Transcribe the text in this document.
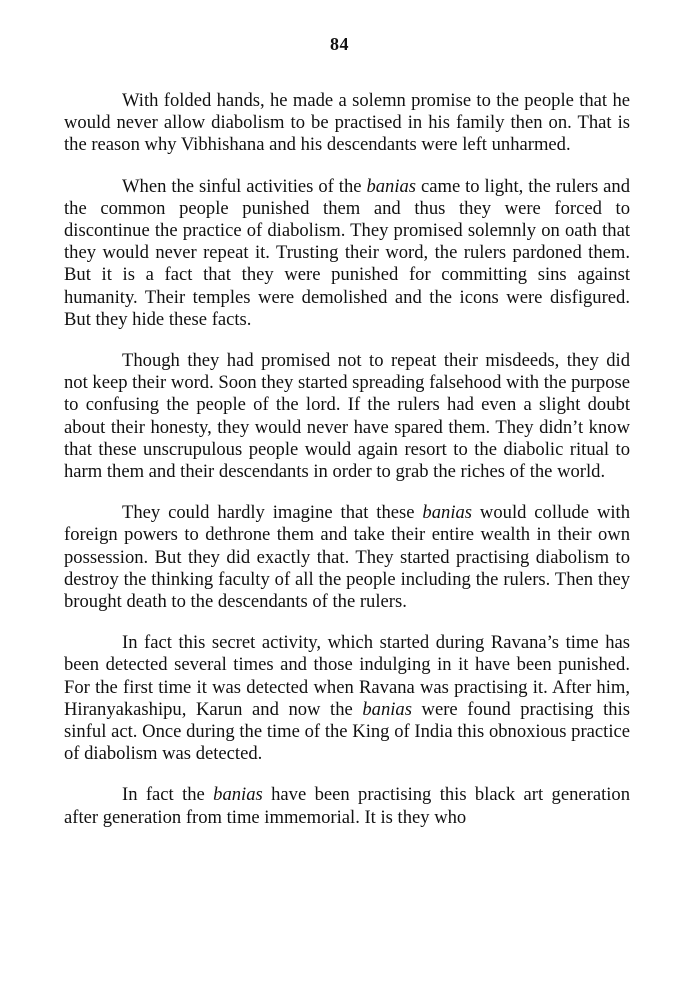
84

With folded hands, he made a solemn promise to the people that he would never allow diabolism to be practised in his family then on. That is the reason why Vibhishana and his descendants were left unharmed.

When the sinful activities of the banias came to light, the rulers and the common people punished them and thus they were forced to discontinue the practice of diabolism. They promised solemnly on oath that they would never repeat it. Trusting their word, the rulers pardoned them. But it is a fact that they were punished for committing sins against humanity. Their temples were demolished and the icons were disfigured. But they hide these facts.

Though they had promised not to repeat their misdeeds, they did not keep their word. Soon they started spreading falsehood with the purpose to confusing the people of the lord. If the rulers had even a slight doubt about their honesty, they would never have spared them. They didn’t know that these unscrupulous people would again resort to the diabolic ritual to harm them and their descendants in order to grab the riches of the world.

They could hardly imagine that these banias would collude with foreign powers to dethrone them and take their entire wealth in their own possession. But they did exactly that. They started practising diabolism to destroy the thinking faculty of all the people including the rulers. Then they brought death to the descendants of the rulers.

In fact this secret activity, which started during Ravana’s time has been detected several times and those indulging in it have been punished. For the first time it was detected when Ravana was practising it. After him, Hiranyakashipu, Karun and now the banias were found practising this sinful act. Once during the time of the King of India this obnoxious practice of diabolism was detected.

In fact the banias have been practising this black art generation after generation from time immemorial. It is they who
